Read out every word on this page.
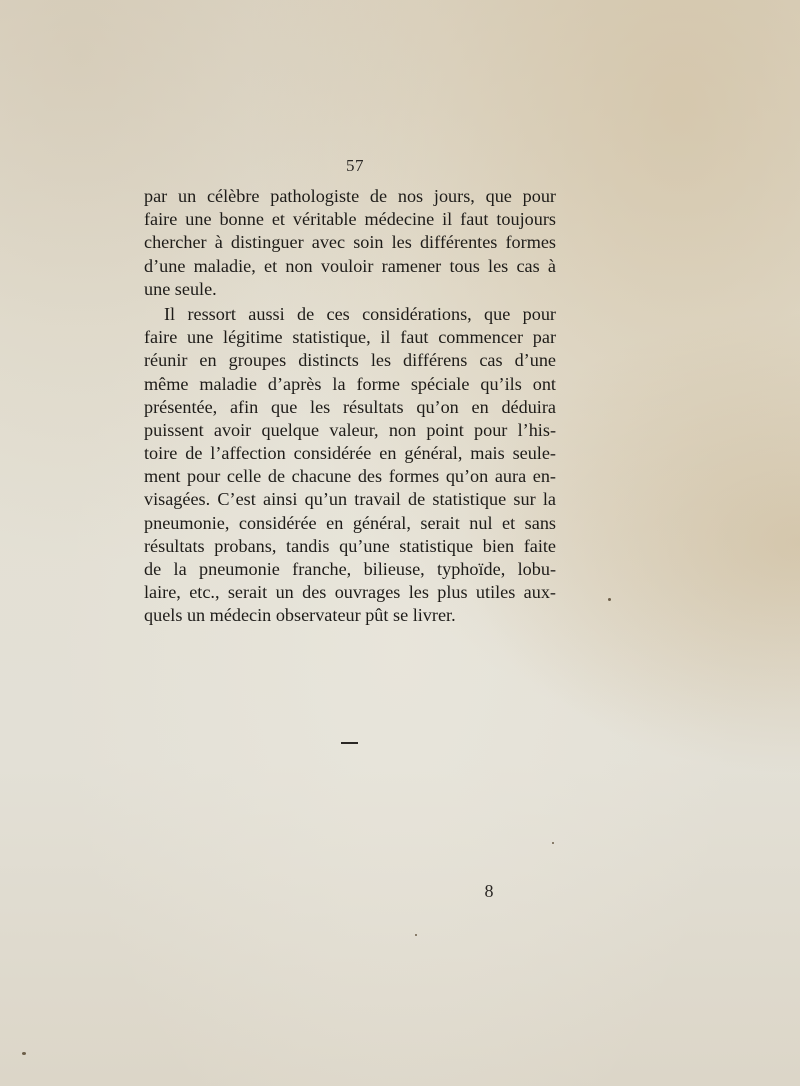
57
par un célèbre pathologiste de nos jours, que pour
faire une bonne et véritable médecine il faut toujours
chercher à distinguer avec soin les différentes formes
d’une maladie, et non vouloir ramener tous les cas à
une seule.
Il ressort aussi de ces considérations, que pour
faire une légitime statistique, il faut commencer par
réunir en groupes distincts les différens cas d’une
même maladie d’après la forme spéciale qu’ils ont
présentée, afin que les résultats qu’on en déduira
puissent avoir quelque valeur, non point pour l’his-
toire de l’affection considérée en général, mais seule-
ment pour celle de chacune des formes qu’on aura en-
visagées. C’est ainsi qu’un travail de statistique sur la
pneumonie, considérée en général, serait nul et sans
résultats probans, tandis qu’une statistique bien faite
de la pneumonie franche, bilieuse, typhoïde, lobu-
laire, etc., serait un des ouvrages les plus utiles aux-
quels un médecin observateur pût se livrer.
8
